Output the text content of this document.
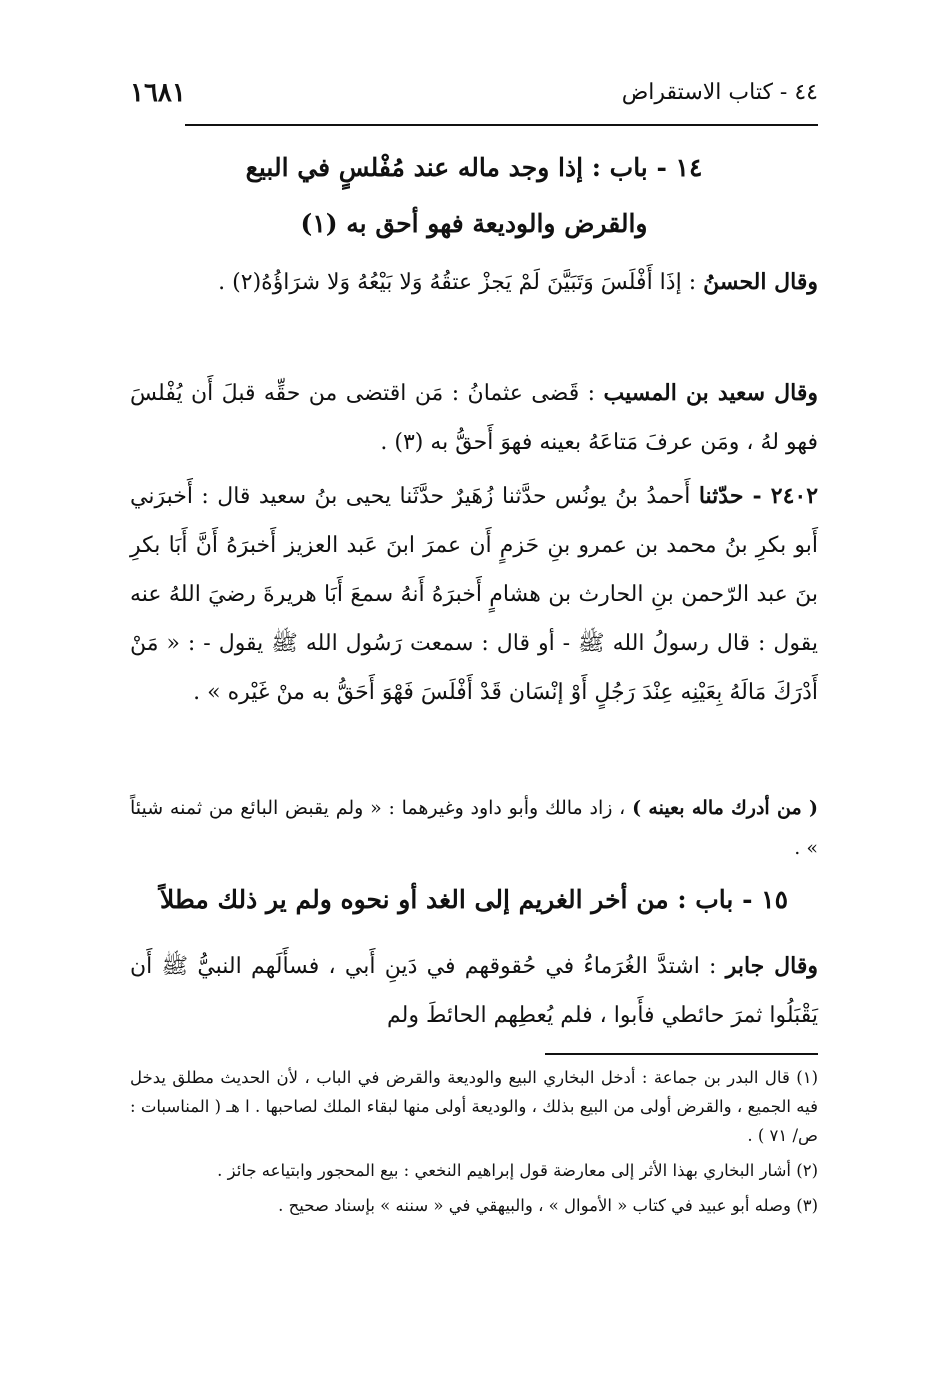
١٦٨١	٤٤ - كتاب الاستقراض
١٤ - باب : إذا وجد ماله عند مُفْلسٍ في البيع
والقرض والوديعة فهو أحق به (١)
وقال الحسنُ : إذَا أَفْلَسَ وَتَبَيَّنَ لَمْ يَجزْ عتقُهُ وَلا بَيْعُهُ وَلا شرَاؤُهُ(٢) .
وقال سعيد بن المسيب : قَضى عثمانُ : مَن اقتضى من حقِّه قبلَ أَن يُفْلسَ فهو لهُ ، ومَن عرفَ مَتاعَهُ بعينه فهوَ أَحقُّ به (٣) .
٢٤٠٢ - حدّثنا أَحمدُ بنُ يونُس حدَّثنا زُهَيرٌ حدَّثَنا يحيى بنُ سعيد قال : أَخبرَني أَبو بكرِ بنُ محمد بن عمرو بنِ حَزمٍ أَن عمرَ ابنَ عَبد العزيز أَخبرَهُ أَنَّ أَبَا بكرِ بنَ عبد الرّحمن بنِ الحارث بن هشامٍ أَخبرَهُ أَنهُ سمعَ أَبَا هريرةَ رضيَ اللهُ عنه يقول : قال رسولُ الله ﷺ - أو قال : سمعت رَسُول الله ﷺ يقول - : « مَنْ أَدْرَكَ مَالَهُ بِعَيْنِه عِنْدَ رَجُلٍ أَوْ إنْسَان قَدْ أَفْلَسَ فَهْوَ أَحَقُّ به منْ غَيْره » .
( من أدرك ماله بعينه ) ، زاد مالك وأبو داود وغيرهما : « ولم يقبض البائع من ثمنه شيئاً » .
١٥ - باب : من أخر الغريم إلى الغد أو نحوه ولم ير ذلك مطلاً
وقال جابر : اشتدَّ الغُرَماءُ في حُقوقهم في دَينِ أَبي ، فسأَلَهم النبيُّ ﷺ أَن يَقْبَلُوا ثمرَ حائطي فأَبوا ، فلم يُعطِهم الحائطَ ولم

(١) قال البدر بن جماعة : أدخل البخاري البيع والوديعة والقرض في الباب ، لأن الحديث مطلق يدخل فيه الجميع ، والقرض أولى من البيع بذلك ، والوديعة أولى منها لبقاء الملك لصاحبها . ا هـ ( المناسبات : ص/ ٧١ ) .

(٢) أشار البخاري بهذا الأثر إلى معارضة قول إبراهيم النخعي : بيع المحجور وابتياعه جائز .

(٣) وصله أبو عبيد في كتاب « الأموال » ، والبيهقي في « سننه » بإسناد صحيح .
